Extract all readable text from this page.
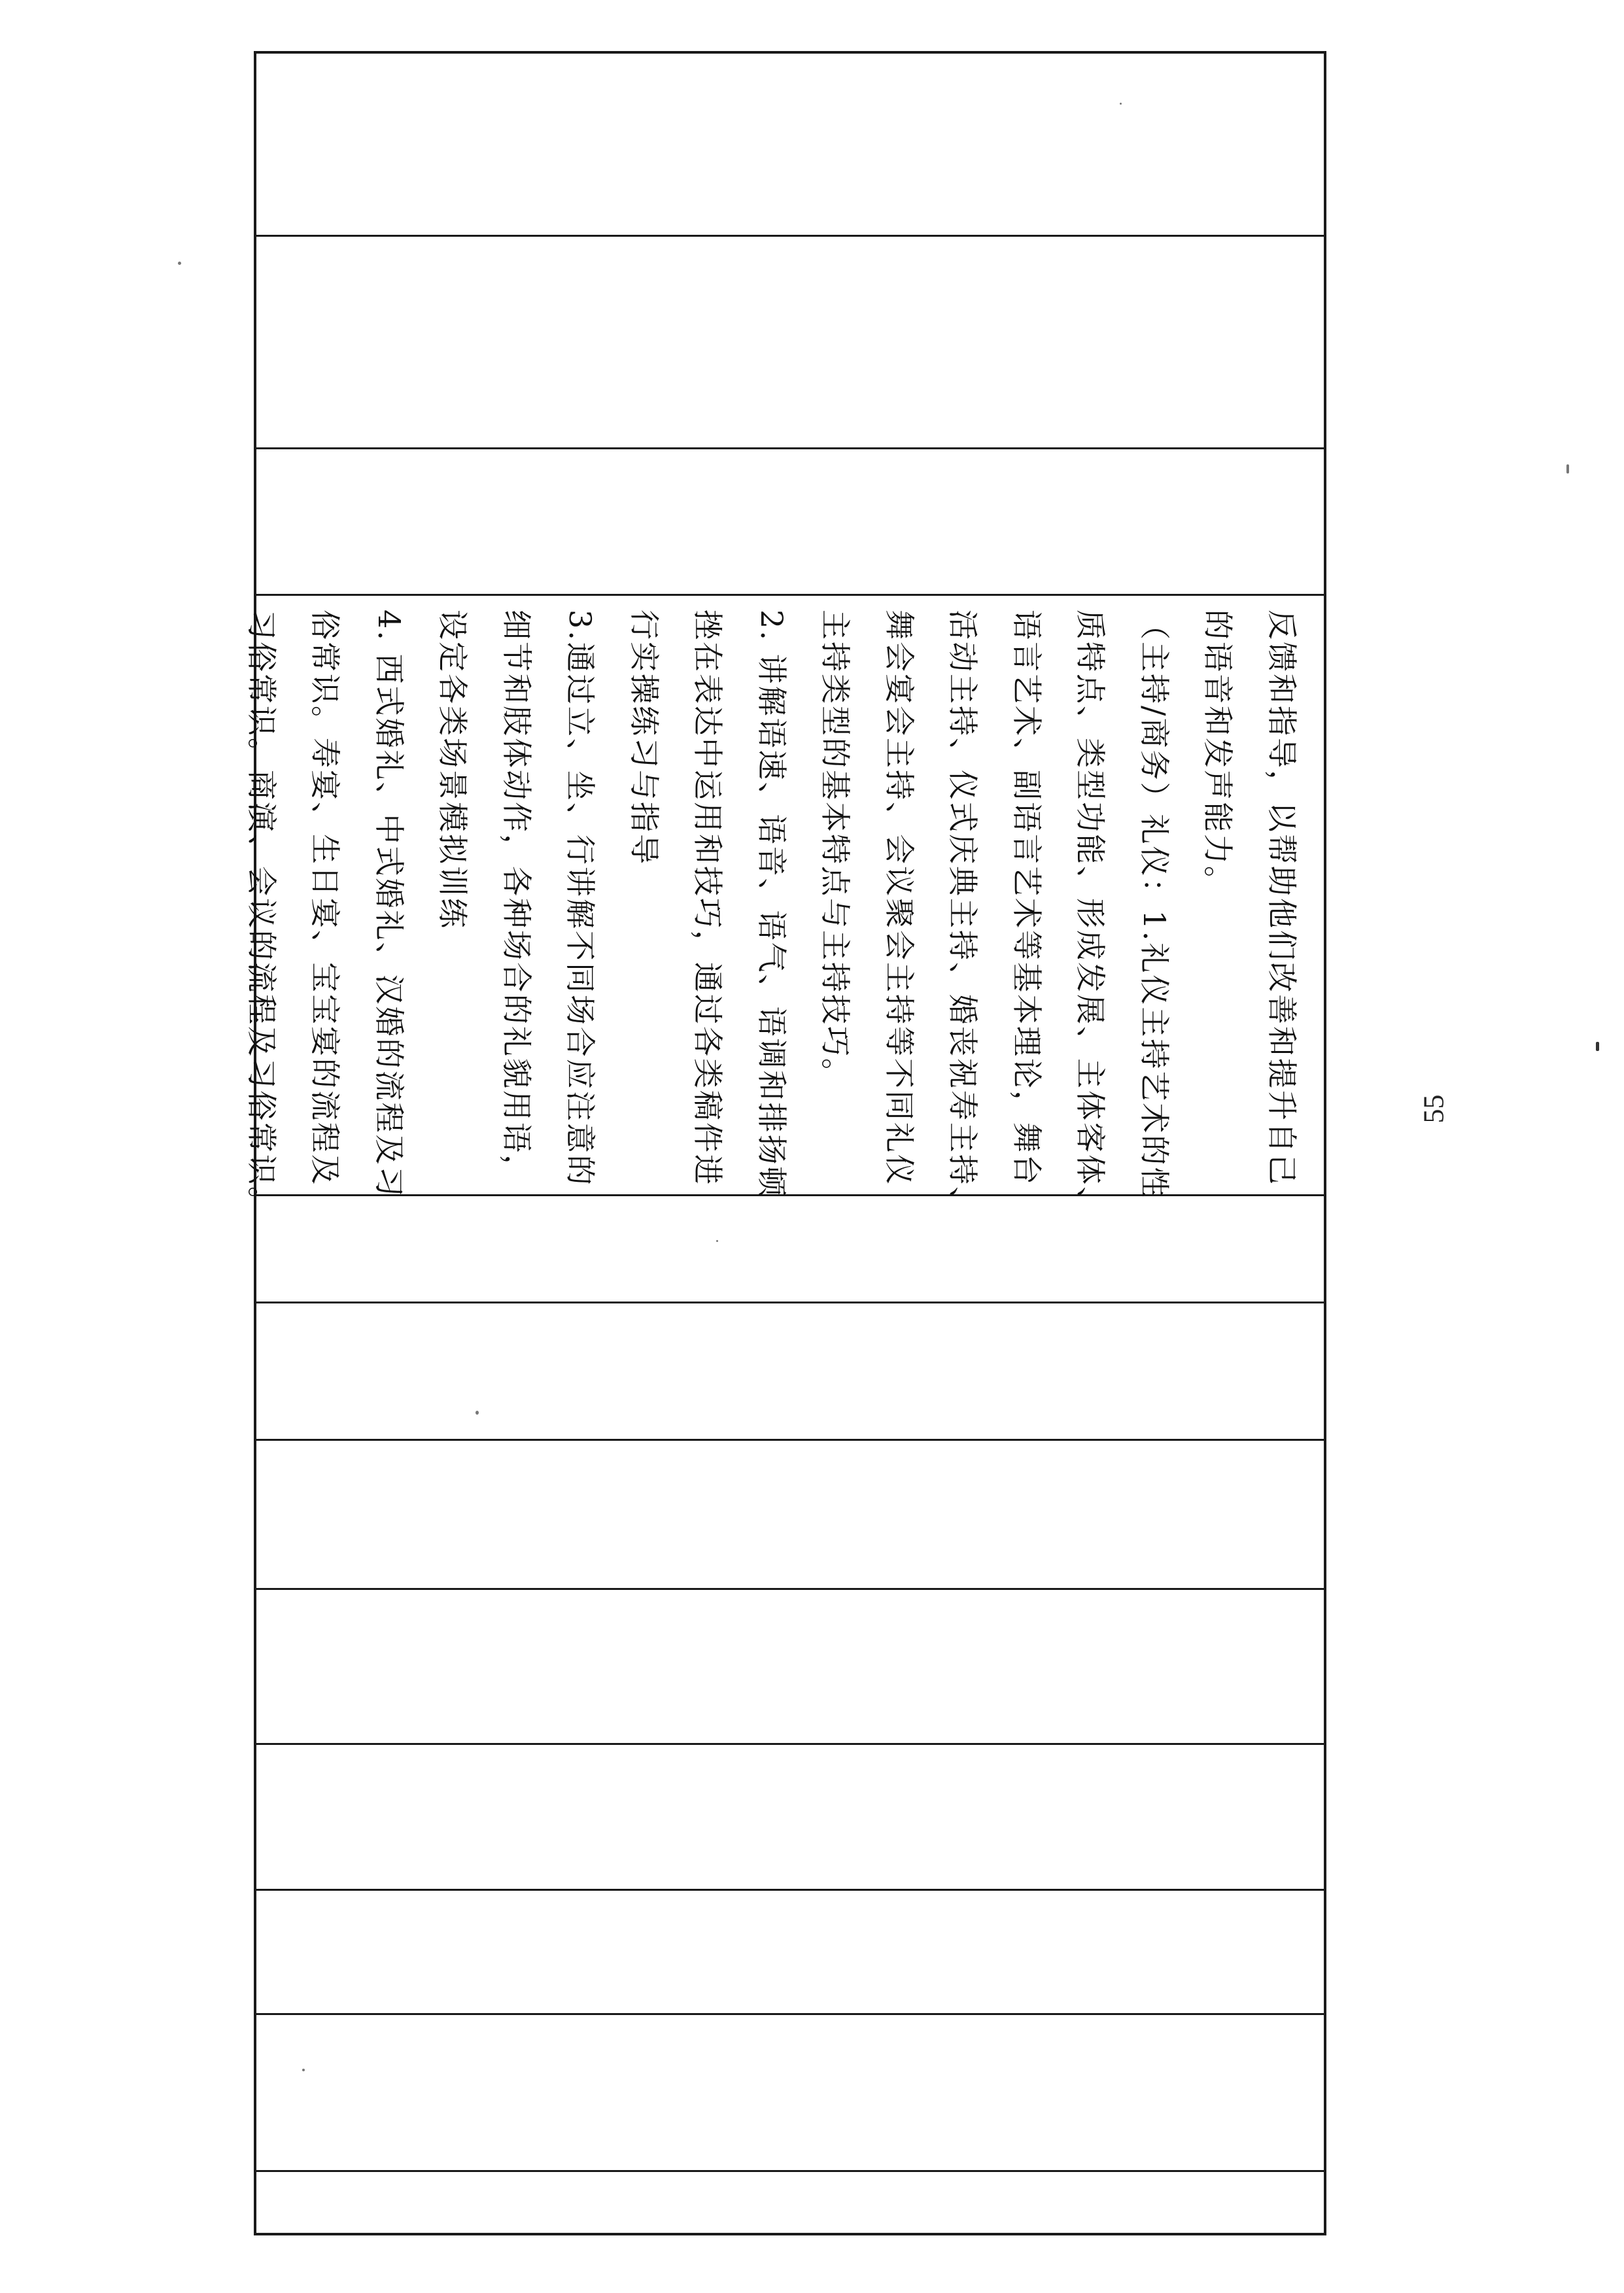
反馈和指导，以帮助他们改善和提升自己
的语音和发声能力。
（主持/商务）礼仪：1.礼仪主持艺术的性
质特点、类型功能、形成发展、主体客体、
语言艺术、副语言艺术等基本理论，舞台
活动主持、仪式庆典主持、婚丧祝寿主持、
舞会宴会主持、会议聚会主持等不同礼仪
主持类型的基本特点与主持技巧。
2. 讲解语速、语音、语气、语调和排扬顿
挫在表达中运用和技巧，通过各类稿件进
行实操练习与指导
3.通过立、坐、行讲解不同场合应注意的
细节和肢体动作，各种场合的礼貌用语，
设定各类场景模拟训练
4. 西式婚礼、中式婚礼、汉婚的流程及习
俗常识。寿宴、生日宴、宝宝宴的流程及
习俗常识。商演、会议的流程及习俗常识。	55
